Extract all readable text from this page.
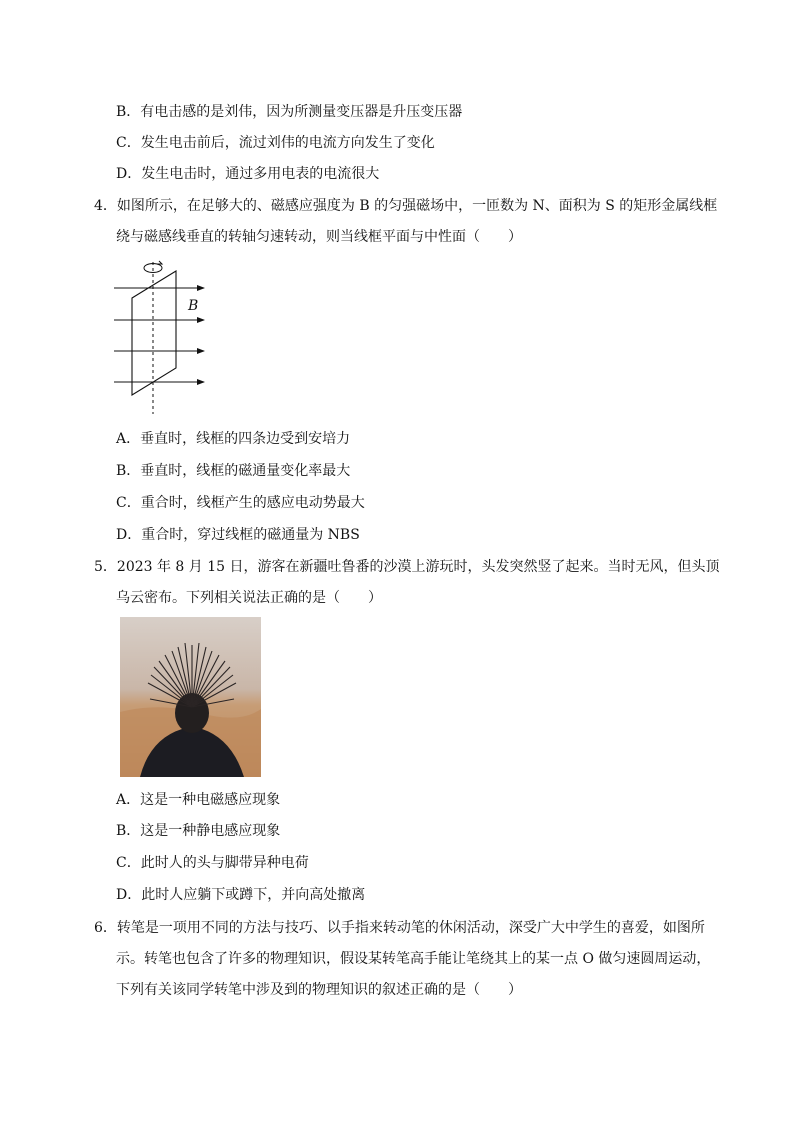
B．有电击感的是刘伟，因为所测量变压器是升压变压器
C．发生电击前后，流过刘伟的电流方向发生了变化
D．发生电击时，通过多用电表的电流很大
4．如图所示，在足够大的、磁感应强度为 B 的匀强磁场中，一匝数为 N、面积为 S 的矩形金属线框
绕与磁感线垂直的转轴匀速转动，则当线框平面与中性面（　　）
B
A．垂直时，线框的四条边受到安培力
B．垂直时，线框的磁通量变化率最大
C．重合时，线框产生的感应电动势最大
D．重合时，穿过线框的磁通量为 NBS
5．2023 年 8 月 15 日，游客在新疆吐鲁番的沙漠上游玩时，头发突然竖了起来。当时无风，但头顶
乌云密布。下列相关说法正确的是（　　）
A．这是一种电磁感应现象
B．这是一种静电感应现象
C．此时人的头与脚带异种电荷
D．此时人应躺下或蹲下，并向高处撤离
6．转笔是一项用不同的方法与技巧、以手指来转动笔的休闲活动，深受广大中学生的喜爱，如图所
示。转笔也包含了许多的物理知识，假设某转笔高手能让笔绕其上的某一点 O 做匀速圆周运动，
下列有关该同学转笔中涉及到的物理知识的叙述正确的是（　　）
